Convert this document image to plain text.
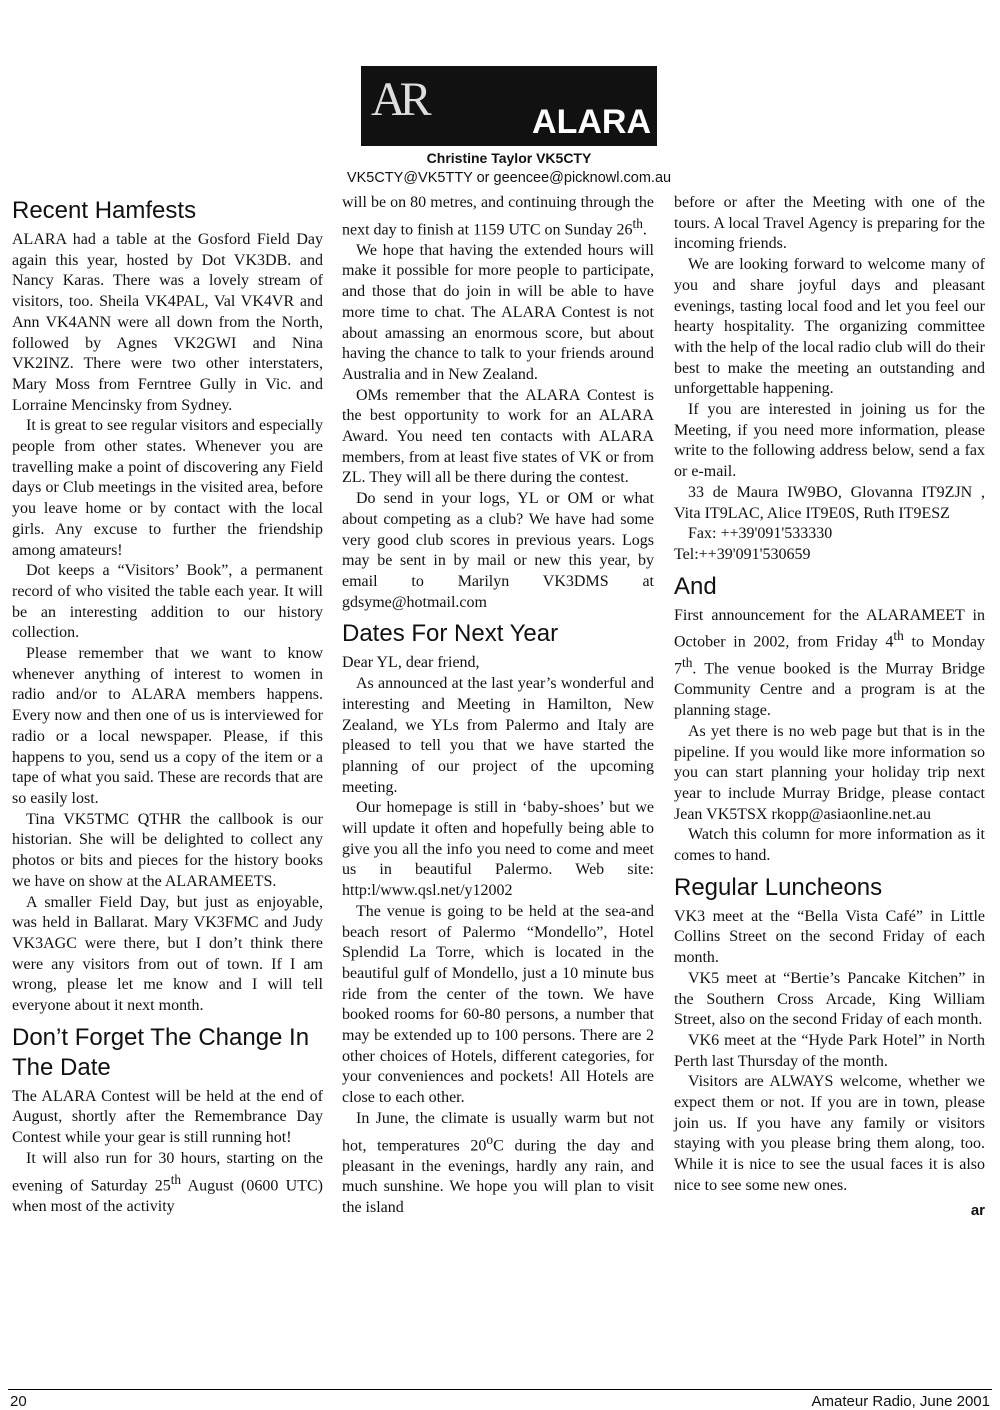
AR	ALARA
Christine Taylor VK5CTY
VK5CTY@VK5TTY or geencee@picknowl.com.au
Recent Hamfests

ALARA had a table at the Gosford Field Day again this year, hosted by Dot VK3DB. and Nancy Karas. There was a lovely stream of visitors, too. Sheila VK4PAL, Val VK4VR and Ann VK4ANN were all down from the North, followed by Agnes VK2GWI and Nina VK2INZ. There were two other interstaters, Mary Moss from Ferntree Gully in Vic. and Lorraine Mencinsky from Sydney.

It is great to see regular visitors and especially people from other states. Whenever you are travelling make a point of discovering any Field days or Club meetings in the visited area, before you leave home or by contact with the local girls. Any excuse to further the friendship among amateurs!

Dot keeps a “Visitors’ Book”, a permanent record of who visited the table each year. It will be an interesting addition to our history collection.

Please remember that we want to know whenever anything of interest to women in radio and/or to ALARA members happens. Every now and then one of us is interviewed for radio or a local newspaper. Please, if this happens to you, send us a copy of the item or a tape of what you said. These are records that are so easily lost.

Tina VK5TMC QTHR the callbook is our historian. She will be delighted to collect any photos or bits and pieces for the history books we have on show at the ALARAMEETS.

A smaller Field Day, but just as enjoyable, was held in Ballarat. Mary VK3FMC and Judy VK3AGC were there, but I don’t think there were any visitors from out of town. If I am wrong, please let me know and I will tell everyone about it next month.

Don’t Forget The Change In The Date

The ALARA Contest will be held at the end of August, shortly after the Remembrance Day Contest while your gear is still running hot!

It will also run for 30 hours, starting on the evening of Saturday 25th August (0600 UTC) when most of the activity

will be on 80 metres, and continuing through the next day to finish at 1159 UTC on Sunday 26th.

We hope that having the extended hours will make it possible for more people to participate, and those that do join in will be able to have more time to chat. The ALARA Contest is not about amassing an enormous score, but about having the chance to talk to your friends around Australia and in New Zealand.

OMs remember that the ALARA Contest is the best opportunity to work for an ALARA Award. You need ten contacts with ALARA members, from at least five states of VK or from ZL. They will all be there during the contest.

Do send in your logs, YL or OM or what about competing as a club? We have had some very good club scores in previous years. Logs may be sent in by mail or new this year, by email to Marilyn VK3DMS at gdsyme@hotmail.com

Dates For Next Year

Dear YL, dear friend,

As announced at the last year’s wonderful and interesting and Meeting in Hamilton, New Zealand, we YLs from Palermo and Italy are pleased to tell you that we have started the planning of our project of the upcoming meeting.

Our homepage is still in ‘baby-shoes’ but we will update it often and hopefully being able to give you all the info you need to come and meet us in beautiful Palermo. Web site: http:l/www.qsl.net/y12002

The venue is going to be held at the sea-and beach resort of Palermo “Mondello”, Hotel Splendid La Torre, which is located in the beautiful gulf of Mondello, just a 10 minute bus ride from the center of the town. We have booked rooms for 60-80 persons, a number that may be extended up to 100 persons. There are 2 other choices of Hotels, different categories, for your conveniences and pockets! All Hotels are close to each other.

In June, the climate is usually warm but not hot, temperatures 20$^o$C during the day and pleasant in the evenings, hardly any rain, and much sunshine. We hope you will plan to visit the island

before or after the Meeting with one of the tours. A local Travel Agency is preparing for the incoming friends.

We are looking forward to welcome many of you and share joyful days and pleasant evenings, tasting local food and let you feel our hearty hospitality. The organizing committee with the help of the local radio club will do their best to make the meeting an outstanding and unforgettable happening.

If you are interested in joining us for the Meeting, if you need more information, please write to the following address below, send a fax or e-mail.

33 de Maura IW9BO, Glovanna IT9ZJN , Vita IT9LAC, Alice IT9E0S, Ruth IT9ESZ

Fax: ++39'091'533330

Tel:++39'091'530659

And

First announcement for the ALARAMEET in October in 2002, from Friday 4th to Monday 7th. The venue booked is the Murray Bridge Community Centre and a program is at the planning stage.

As yet there is no web page but that is in the pipeline. If you would like more information so you can start planning your holiday trip next year to include Murray Bridge, please contact Jean VK5TSX rkopp@asiaonline.net.au

Watch this column for more information as it comes to hand.

Regular Luncheons

VK3 meet at the “Bella Vista Café” in Little Collins Street on the second Friday of each month.

VK5 meet at “Bertie’s Pancake Kitchen” in the Southern Cross Arcade, King William Street, also on the second Friday of each month.

VK6 meet at the “Hyde Park Hotel” in North Perth last Thursday of the month.

Visitors are ALWAYS welcome, whether we expect them or not. If you are in town, please join us. If you have any family or visitors staying with you please bring them along, too. While it is nice to see the usual faces it is also nice to see some new ones.

ar
20	Amateur Radio, June 2001
